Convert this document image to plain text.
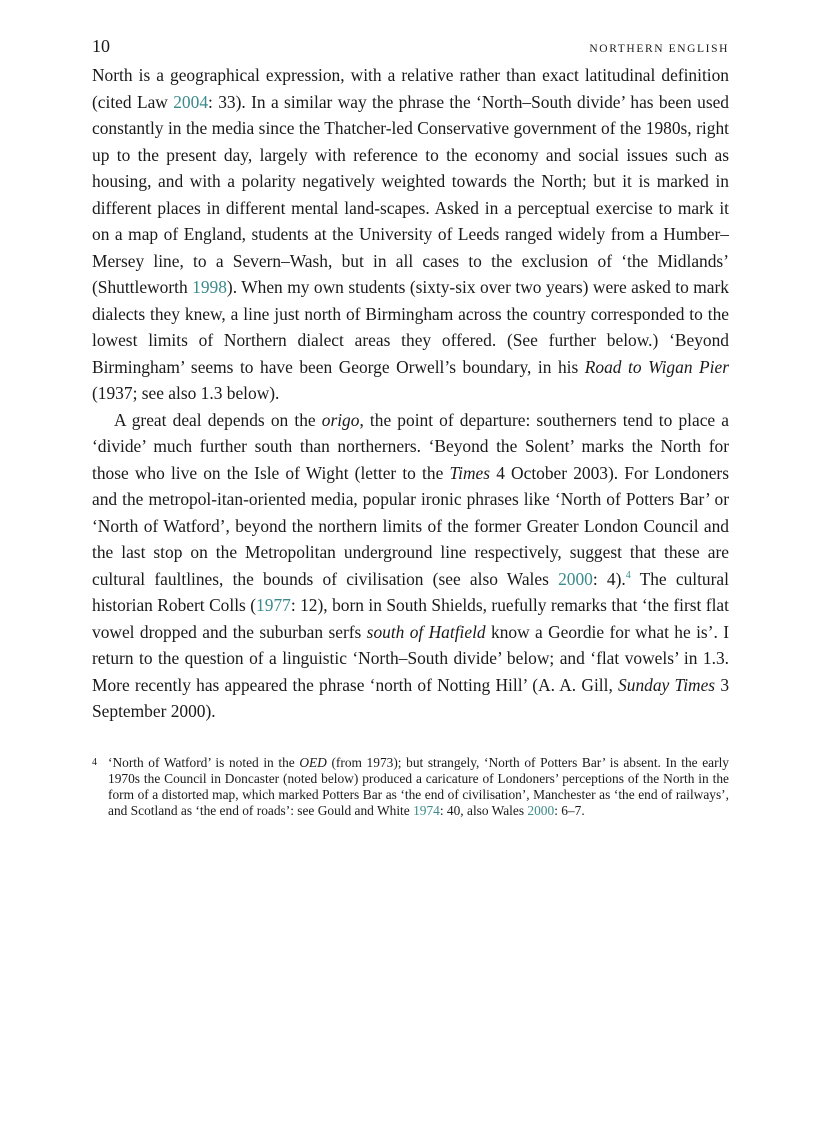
10	NORTHERN ENGLISH

North is a geographical expression, with a relative rather than exact latitudinal definition (cited Law 2004: 33). In a similar way the phrase the ‘North–South divide’ has been used constantly in the media since the Thatcher-led Conservative government of the 1980s, right up to the present day, largely with reference to the economy and social issues such as housing, and with a polarity negatively weighted towards the North; but it is marked in different places in different mental land-scapes. Asked in a perceptual exercise to mark it on a map of England, students at the University of Leeds ranged widely from a Humber–Mersey line, to a Severn–Wash, but in all cases to the exclusion of ‘the Midlands’ (Shuttleworth 1998). When my own students (sixty-six over two years) were asked to mark dialects they knew, a line just north of Birmingham across the country corresponded to the lowest limits of Northern dialect areas they offered. (See further below.) ‘Beyond Birmingham’ seems to have been George Orwell’s boundary, in his Road to Wigan Pier (1937; see also 1.3 below).

A great deal depends on the origo, the point of departure: southerners tend to place a ‘divide’ much further south than northerners. ‘Beyond the Solent’ marks the North for those who live on the Isle of Wight (letter to the Times 4 October 2003). For Londoners and the metropol-itan-oriented media, popular ironic phrases like ‘North of Potters Bar’ or ‘North of Watford’, beyond the northern limits of the former Greater London Council and the last stop on the Metropolitan underground line respectively, suggest that these are cultural faultlines, the bounds of civilisation (see also Wales 2000: 4).$^4$ The cultural historian Robert Colls (1977: 12), born in South Shields, ruefully remarks that ‘the first flat vowel dropped and the suburban serfs south of Hatfield know a Geordie for what he is’. I return to the question of a linguistic ‘North–South divide’ below; and ‘flat vowels’ in 1.3. More recently has appeared the phrase ‘north of Notting Hill’ (A. A. Gill, Sunday Times 3 September 2000).

4 ‘North of Watford’ is noted in the OED (from 1973); but strangely, ‘North of Potters Bar’ is absent. In the early 1970s the Council in Doncaster (noted below) produced a caricature of Londoners’ perceptions of the North in the form of a distorted map, which marked Potters Bar as ‘the end of civilisation’, Manchester as ‘the end of railways’, and Scotland as ‘the end of roads’: see Gould and White 1974: 40, also Wales 2000: 6–7.
